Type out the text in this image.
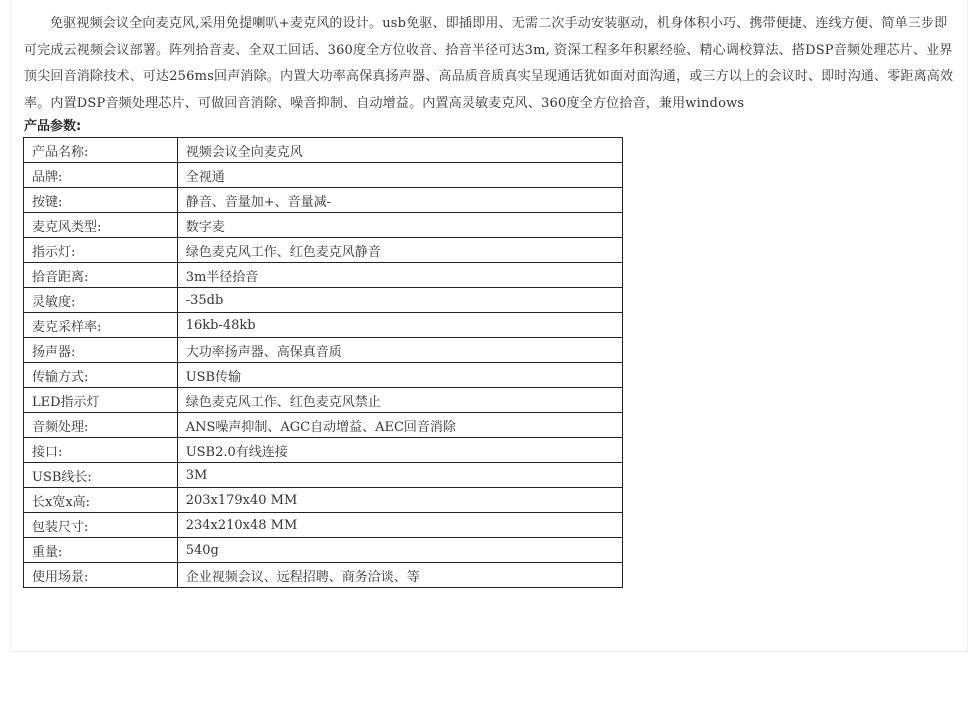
免驱视频会议全向麦克风,采用免提喇叭+麦克风的设计。usb免驱、即插即用、无需二次手动安装驱动，机身体积小巧、携带便捷、连线方便、简单三步即可完成云视频会议部署。阵列拾音麦、全双工回话、360度全方位收音、拾音半径可达3m, 资深工程多年积累经验、精心调校算法、搭DSP音频处理芯片、业界顶尖回音消除技术、可达256ms回声消除。内置大功率高保真扬声器、高品质音质真实呈现通话犹如面对面沟通，或三方以上的会议时、即时沟通、零距离高效率。内置DSP音频处理芯片、可做回音消除、噪音抑制、自动增益。内置高灵敏麦克风、360度全方位拾音，兼用windows

产品参数:

产品名称:	视频会议全向麦克风
品牌:	全视通
按键:	静音、音量加+、音量减-
麦克风类型:	数字麦
指示灯:	绿色麦克风工作、红色麦克风静音
拾音距离:	3m半径拾音
灵敏度:	-35db
麦克采样率:	16kb-48kb
扬声器:	大功率扬声器、高保真音质
传输方式:	USB传输
LED指示灯	绿色麦克风工作、红色麦克风禁止
音频处理:	ANS噪声抑制、AGC自动增益、AEC回音消除
接口:	USB2.0有线连接
USB线长:	3M
长x宽x高:	203x179x40 MM
包装尺寸:	234x210x48 MM
重量:	540g
使用场景:	企业视频会议、远程招聘、商务洽谈、等
